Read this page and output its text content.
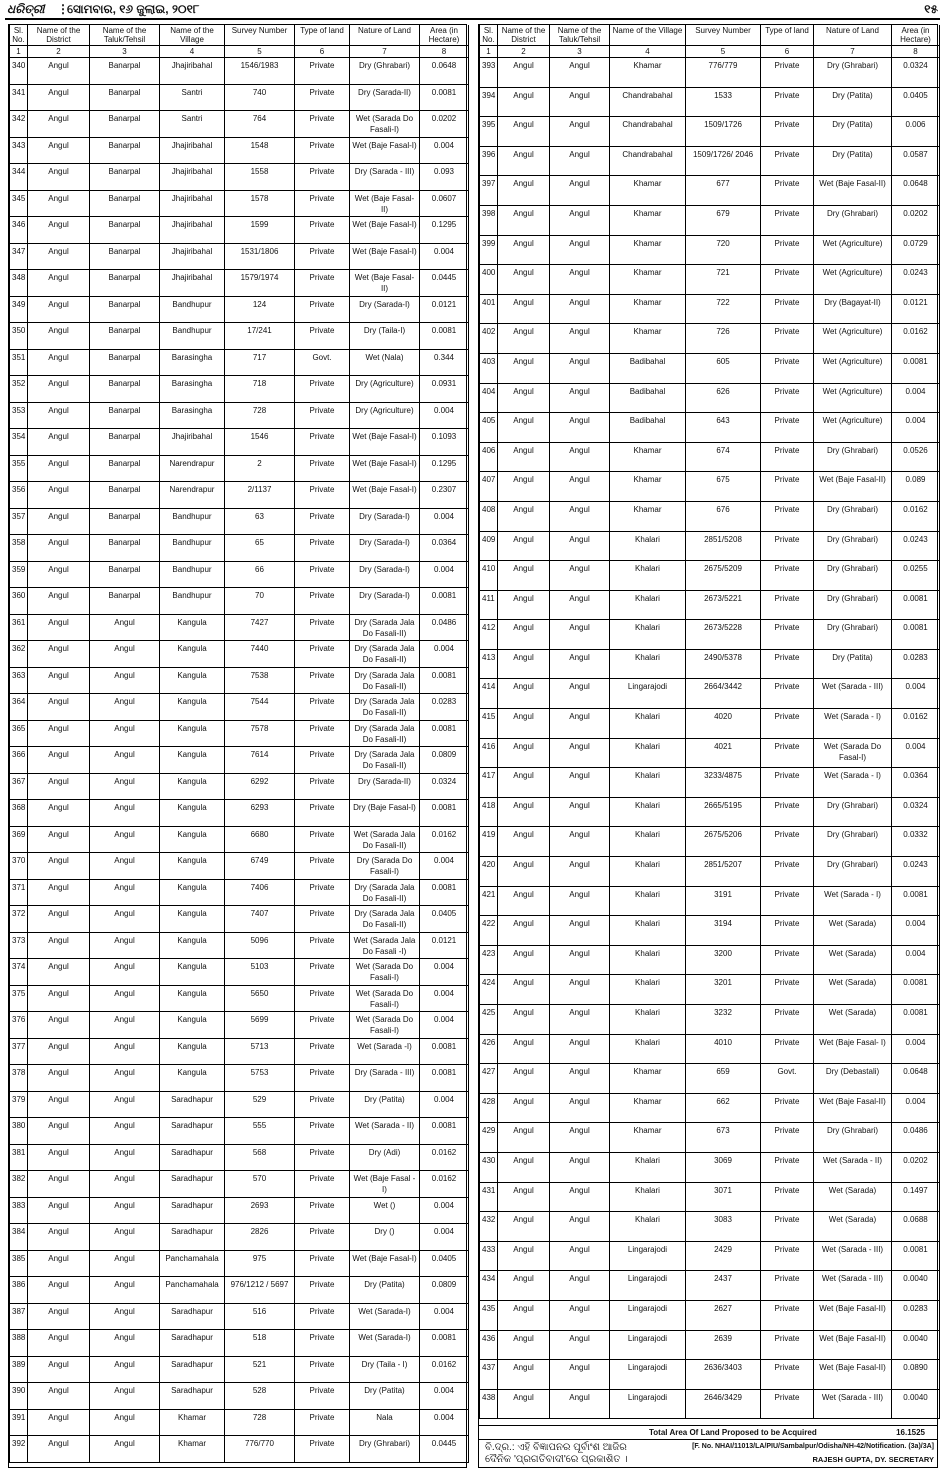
ଧରିତ୍ରୀ ⋮
ସୋମବାର, ୧୬ ଜୁଲାଇ, ୨୦୧୮	୧୫
Sl. No.	Name of the District	Name of the Taluk/Tehsil	Name of the Village	Survey Number	Type of land	Nature of Land	Area (in Hectare)
1	2	3	4	5	6	7	8
340	Angul	Banarpal	Jhajiribahal	1546/1983	Private	Dry (Ghrabari)	0.0648
341	Angul	Banarpal	Santri	740	Private	Dry (Sarada-II)	0.0081
342	Angul	Banarpal	Santri	764	Private	Wet (Sarada Do Fasali-I)	0.0202
343	Angul	Banarpal	Jhajiribahal	1548	Private	Wet (Baje Fasal-I)	0.004
344	Angul	Banarpal	Jhajiribahal	1558	Private	Dry (Sarada - III)	0.093
345	Angul	Banarpal	Jhajiribahal	1578	Private	Wet (Baje Fasal-II)	0.0607
346	Angul	Banarpal	Jhajiribahal	1599	Private	Wet (Baje Fasal-I)	0.1295
347	Angul	Banarpal	Jhajiribahal	1531/1806	Private	Wet (Baje Fasal-I)	0.004
348	Angul	Banarpal	Jhajiribahal	1579/1974	Private	Wet (Baje Fasal-II)	0.0445
349	Angul	Banarpal	Bandhupur	124	Private	Dry (Sarada-I)	0.0121
350	Angul	Banarpal	Bandhupur	17/241	Private	Dry (Taila-I)	0.0081
351	Angul	Banarpal	Barasingha	717	Govt.	Wet (Nala)	0.344
352	Angul	Banarpal	Barasingha	718	Private	Dry (Agriculture)	0.0931
353	Angul	Banarpal	Barasingha	728	Private	Dry (Agriculture)	0.004
354	Angul	Banarpal	Jhajiribahal	1546	Private	Wet (Baje Fasal-I)	0.1093
355	Angul	Banarpal	Narendrapur	2	Private	Wet (Baje Fasal-I)	0.1295
356	Angul	Banarpal	Narendrapur	2/1137	Private	Wet (Baje Fasal-I)	0.2307
357	Angul	Banarpal	Bandhupur	63	Private	Dry (Sarada-I)	0.004
358	Angul	Banarpal	Bandhupur	65	Private	Dry (Sarada-I)	0.0364
359	Angul	Banarpal	Bandhupur	66	Private	Dry (Sarada-I)	0.004
360	Angul	Banarpal	Bandhupur	70	Private	Dry (Sarada-I)	0.0081
361	Angul	Angul	Kangula	7427	Private	Dry (Sarada Jala Do Fasali-II)	0.0486
362	Angul	Angul	Kangula	7440	Private	Dry (Sarada Jala Do Fasali-II)	0.004
363	Angul	Angul	Kangula	7538	Private	Dry (Sarada Jala Do Fasali-II)	0.0081
364	Angul	Angul	Kangula	7544	Private	Dry (Sarada Jala Do Fasali-II)	0.0283
365	Angul	Angul	Kangula	7578	Private	Dry (Sarada Jala Do Fasali-II)	0.0081
366	Angul	Angul	Kangula	7614	Private	Dry (Sarada Jala Do Fasali-II)	0.0809
367	Angul	Angul	Kangula	6292	Private	Dry (Sarada-II)	0.0324
368	Angul	Angul	Kangula	6293	Private	Dry (Baje Fasal-I)	0.0081
369	Angul	Angul	Kangula	6680	Private	Wet (Sarada Jala Do Fasali-II)	0.0162
370	Angul	Angul	Kangula	6749	Private	Dry (Sarada Do Fasali-I)	0.004
371	Angul	Angul	Kangula	7406	Private	Dry (Sarada Jala Do Fasali-II)	0.0081
372	Angul	Angul	Kangula	7407	Private	Dry (Sarada Jala Do Fasali-II)	0.0405
373	Angul	Angul	Kangula	5096	Private	Wet (Sarada Jala Do Fasali -I)	0.0121
374	Angul	Angul	Kangula	5103	Private	Wet (Sarada Do Fasali-I)	0.004
375	Angul	Angul	Kangula	5650	Private	Wet (Sarada Do Fasali-I)	0.004
376	Angul	Angul	Kangula	5699	Private	Wet (Sarada Do Fasali-I)	0.004
377	Angul	Angul	Kangula	5713	Private	Wet (Sarada -I)	0.0081
378	Angul	Angul	Kangula	5753	Private	Dry (Sarada - III)	0.0081
379	Angul	Angul	Saradhapur	529	Private	Dry (Patita)	0.004
380	Angul	Angul	Saradhapur	555	Private	Wet (Sarada - II)	0.0081
381	Angul	Angul	Saradhapur	568	Private	Dry (Adi)	0.0162
382	Angul	Angul	Saradhapur	570	Private	Wet (Baje Fasal - I)	0.0162
383	Angul	Angul	Saradhapur	2693	Private	Wet ()	0.004
384	Angul	Angul	Saradhapur	2826	Private	Dry ()	0.004
385	Angul	Angul	Panchamahala	975	Private	Wet (Baje Fasal-I)	0.0405
386	Angul	Angul	Panchamahala	976/1212 / 5697	Private	Dry (Patita)	0.0809
387	Angul	Angul	Saradhapur	516	Private	Wet (Sarada-I)	0.004
388	Angul	Angul	Saradhapur	518	Private	Wet (Sarada-I)	0.0081
389	Angul	Angul	Saradhapur	521	Private	Dry (Taila - I)	0.0162
390	Angul	Angul	Saradhapur	528	Private	Dry (Patita)	0.004
391	Angul	Angul	Khamar	728	Private	Nala	0.004
392	Angul	Angul	Khamar	776/770	Private	Dry (Ghrabari)	0.0445
Sl. No.	Name of the District	Name of the Taluk/Tehsil	Name of the Village	Survey Number	Type of land	Nature of Land	Area (in Hectare)
1	2	3	4	5	6	7	8
393	Angul	Angul	Khamar	776/779	Private	Dry (Ghrabari)	0.0324
394	Angul	Angul	Chandrabahal	1533	Private	Dry (Patita)	0.0405
395	Angul	Angul	Chandrabahal	1509/1726	Private	Dry (Patita)	0.006
396	Angul	Angul	Chandrabahal	1509/1726/ 2046	Private	Dry (Patita)	0.0587
397	Angul	Angul	Khamar	677	Private	Wet (Baje Fasal-II)	0.0648
398	Angul	Angul	Khamar	679	Private	Dry (Ghrabari)	0.0202
399	Angul	Angul	Khamar	720	Private	Wet (Agriculture)	0.0729
400	Angul	Angul	Khamar	721	Private	Wet (Agriculture)	0.0243
401	Angul	Angul	Khamar	722	Private	Dry (Bagayat-II)	0.0121
402	Angul	Angul	Khamar	726	Private	Wet (Agriculture)	0.0162
403	Angul	Angul	Badibahal	605	Private	Wet (Agriculture)	0.0081
404	Angul	Angul	Badibahal	626	Private	Wet (Agriculture)	0.004
405	Angul	Angul	Badibahal	643	Private	Wet (Agriculture)	0.004
406	Angul	Angul	Khamar	674	Private	Dry (Ghrabari)	0.0526
407	Angul	Angul	Khamar	675	Private	Wet (Baje Fasal-II)	0.089
408	Angul	Angul	Khamar	676	Private	Dry (Ghrabari)	0.0162
409	Angul	Angul	Khalari	2851/5208	Private	Dry (Ghrabari)	0.0243
410	Angul	Angul	Khalari	2675/5209	Private	Dry (Ghrabari)	0.0255
411	Angul	Angul	Khalari	2673/5221	Private	Dry (Ghrabari)	0.0081
412	Angul	Angul	Khalari	2673/5228	Private	Dry (Ghrabari)	0.0081
413	Angul	Angul	Khalari	2490/5378	Private	Dry (Patita)	0.0283
414	Angul	Angul	Lingarajodi	2664/3442	Private	Wet (Sarada - III)	0.004
415	Angul	Angul	Khalari	4020	Private	Wet (Sarada - I)	0.0162
416	Angul	Angul	Khalari	4021	Private	Wet (Sarada Do Fasal-I)	0.004
417	Angul	Angul	Khalari	3233/4875	Private	Wet (Sarada - I)	0.0364
418	Angul	Angul	Khalari	2665/5195	Private	Dry (Ghrabari)	0.0324
419	Angul	Angul	Khalari	2675/5206	Private	Dry (Ghrabari)	0.0332
420	Angul	Angul	Khalari	2851/5207	Private	Dry (Ghrabari)	0.0243
421	Angul	Angul	Khalari	3191	Private	Wet (Sarada - I)	0.0081
422	Angul	Angul	Khalari	3194	Private	Wet (Sarada)	0.004
423	Angul	Angul	Khalari	3200	Private	Wet (Sarada)	0.004
424	Angul	Angul	Khalari	3201	Private	Wet (Sarada)	0.0081
425	Angul	Angul	Khalari	3232	Private	Wet (Sarada)	0.0081
426	Angul	Angul	Khalari	4010	Private	Wet (Baje Fasal- I)	0.004
427	Angul	Angul	Khamar	659	Govt.	Dry (Debastali)	0.0648
428	Angul	Angul	Khamar	662	Private	Wet (Baje Fasal-II)	0.004
429	Angul	Angul	Khamar	673	Private	Dry (Ghrabari)	0.0486
430	Angul	Angul	Khalari	3069	Private	Wet (Sarada - II)	0.0202
431	Angul	Angul	Khalari	3071	Private	Wet (Sarada)	0.1497
432	Angul	Angul	Khalari	3083	Private	Wet (Sarada)	0.0688
433	Angul	Angul	Lingarajodi	2429	Private	Wet (Sarada - III)	0.0081
434	Angul	Angul	Lingarajodi	2437	Private	Wet (Sarada - III)	0.0040
435	Angul	Angul	Lingarajodi	2627	Private	Wet (Baje Fasal-II)	0.0283
436	Angul	Angul	Lingarajodi	2639	Private	Wet (Baje Fasal-II)	0.0040
437	Angul	Angul	Lingarajodi	2636/3403	Private	Wet (Baje Fasal-II)	0.0890
438	Angul	Angul	Lingarajodi	2646/3429	Private	Wet (Sarada - III)	0.0040
Total Area Of Land Proposed to be Acquired	16.1525
ବି.ଦ୍ର.: ଏହି ବିଜ୍ଞାପନର ପୂର୍ବାଂଶ ଆଜିର
ଦୈନିକ 'ପ୍ରଗତିବାଦୀ'ରେ ପ୍ରକାଶିତ ।
[F. No. NHAI/11013/LA/PIU/Sambalpur/Odisha/NH-42/Notification. (3a)/3A]
RAJESH GUPTA, DY. SECRETARY
